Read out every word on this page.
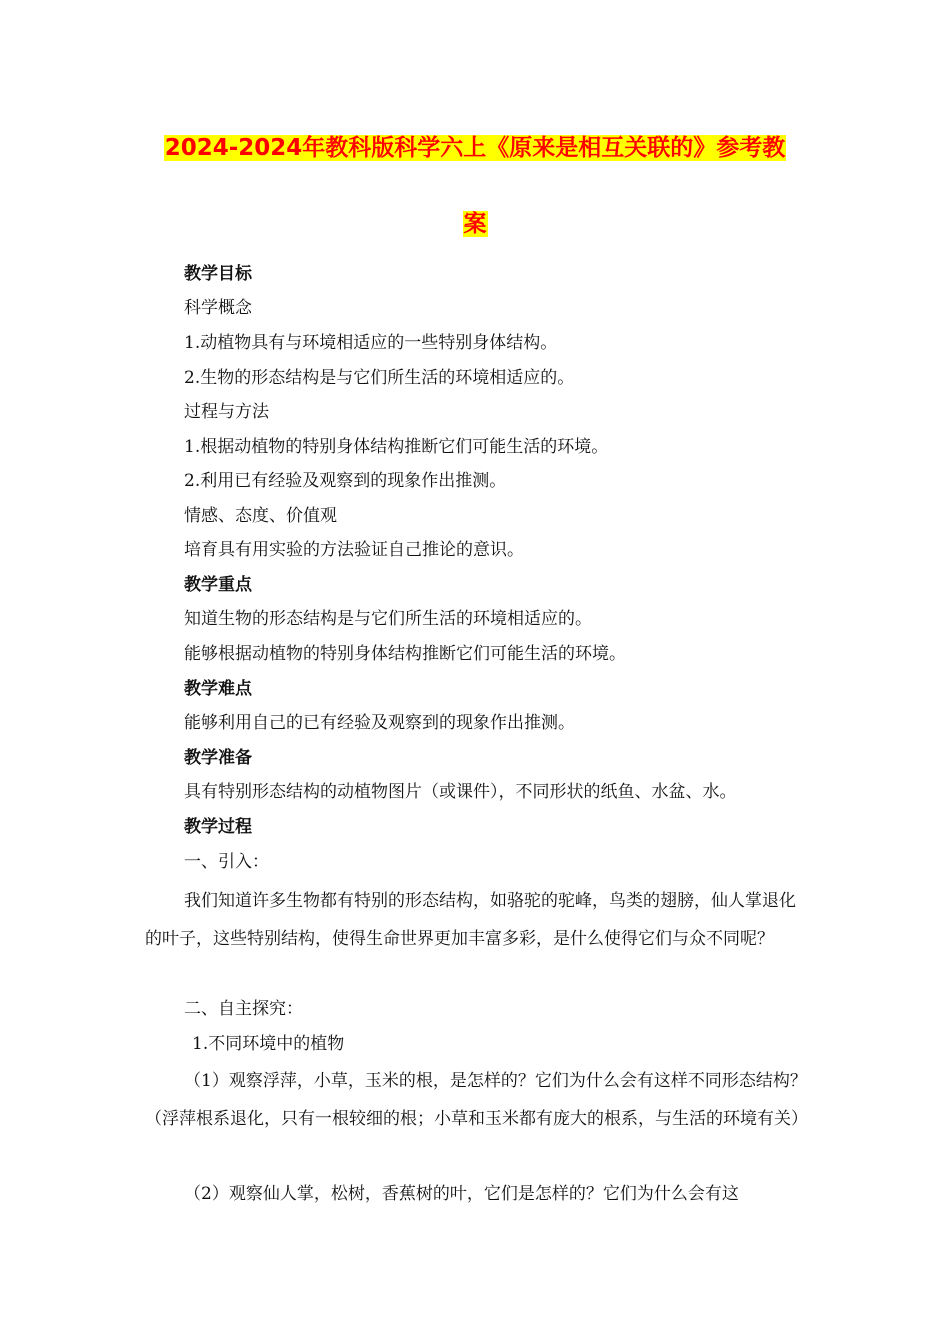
2024-2024年教科版科学六上《原来是相互关联的》参考教
案
教学目标
科学概念
1.动植物具有与环境相适应的一些特别身体结构。
2.生物的形态结构是与它们所生活的环境相适应的。
过程与方法
1.根据动植物的特别身体结构推断它们可能生活的环境。
2.利用已有经验及观察到的现象作出推测。
情感、态度、价值观
培育具有用实验的方法验证自己推论的意识。
教学重点
知道生物的形态结构是与它们所生活的环境相适应的。
能够根据动植物的特别身体结构推断它们可能生活的环境。
教学难点
能够利用自己的已有经验及观察到的现象作出推测。
教学准备
具有特别形态结构的动植物图片（或课件），不同形状的纸鱼、水盆、水。
教学过程
一、引入：
我们知道许多生物都有特别的形态结构，如骆驼的驼峰，鸟类的翅膀，仙人掌退化的叶子，这些特别结构，使得生命世界更加丰富多彩，是什么使得它们与众不同呢？
二、自主探究：
1.不同环境中的植物
（1）观察浮萍，小草，玉米的根，是怎样的？它们为什么会有这样不同形态结构？（浮萍根系退化，只有一根较细的根；小草和玉米都有庞大的根系，与生活的环境有关）
（2）观察仙人掌，松树，香蕉树的叶，它们是怎样的？它们为什么会有这
